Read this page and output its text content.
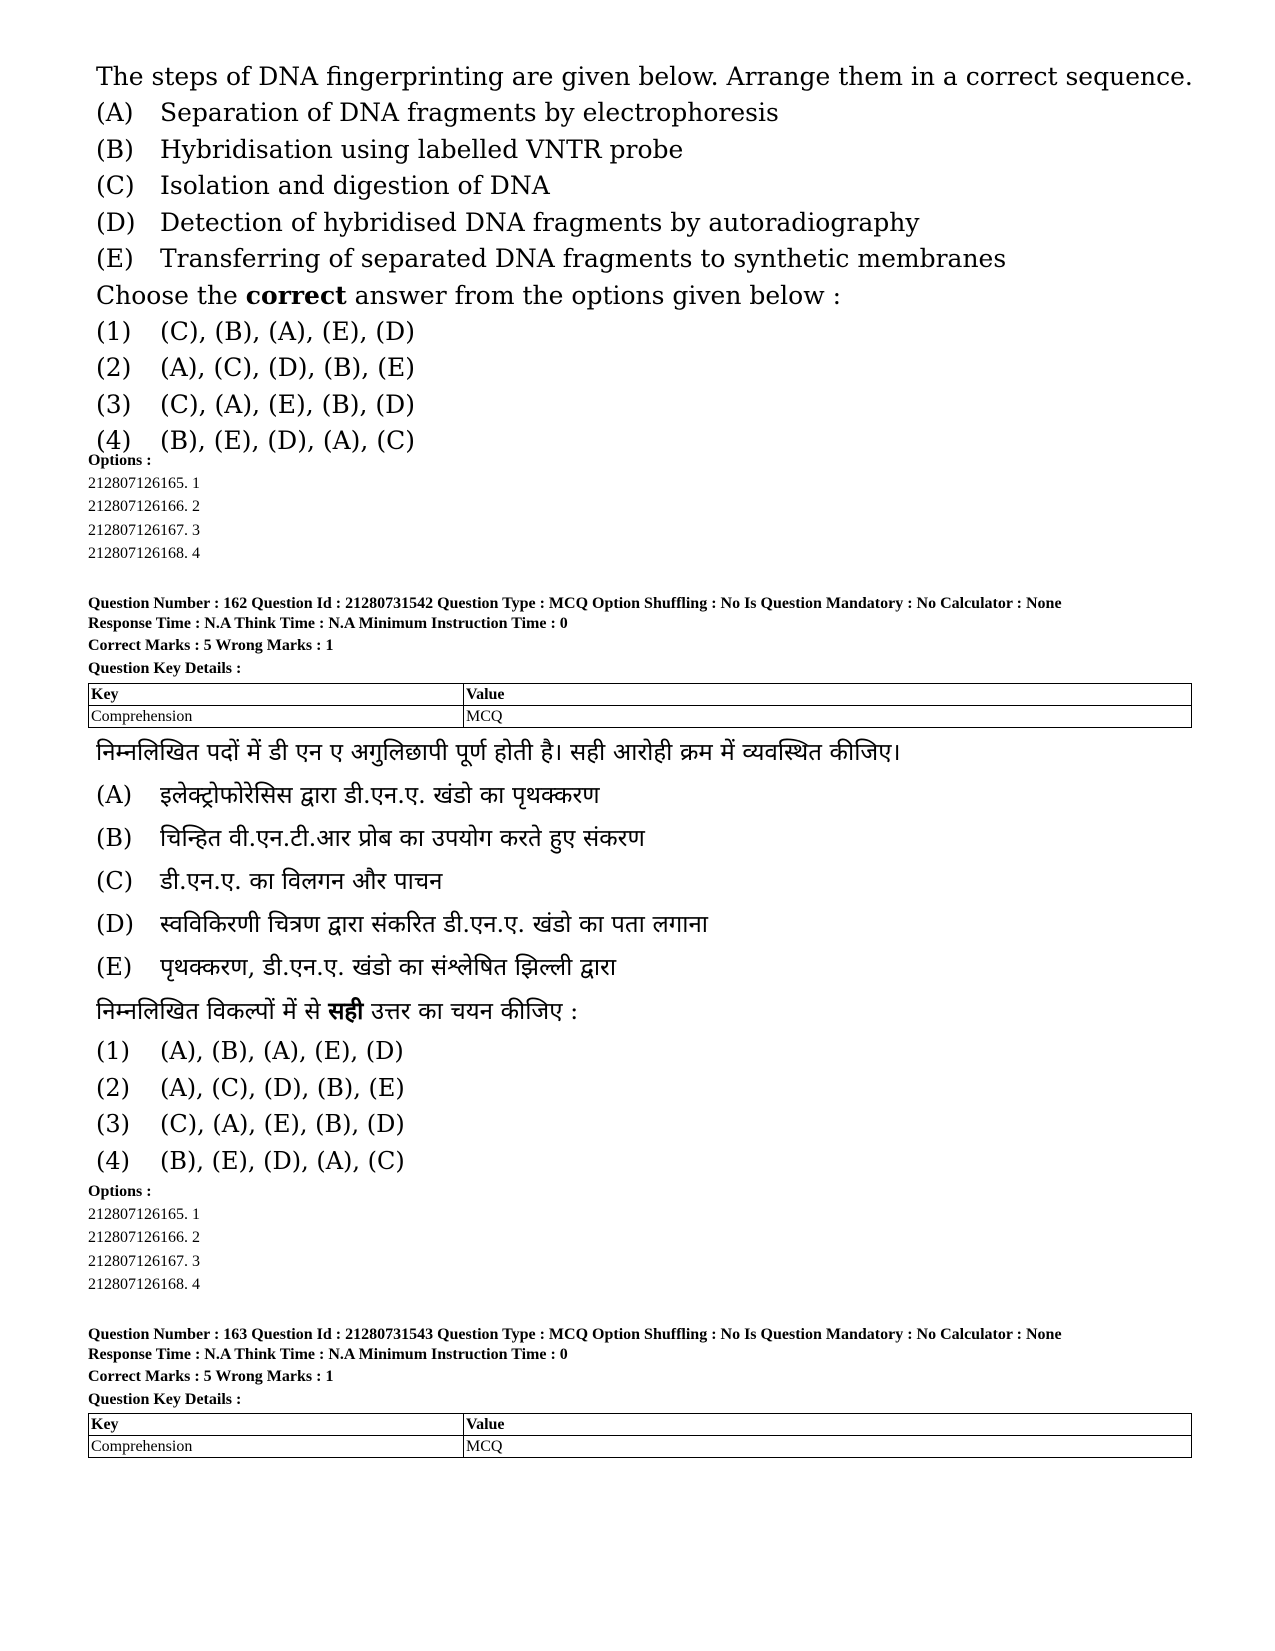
The steps of DNA fingerprinting are given below. Arrange them in a correct sequence.
(A)	Separation of DNA fragments by electrophoresis
(B)	Hybridisation using labelled VNTR probe
(C)	Isolation and digestion of DNA
(D) Detection of hybridised DNA fragments by autoradiography
(E)	Transferring of separated DNA fragments to synthetic membranes
Choose the correct answer from the options given below :
(1)	(C), (B), (A), (E), (D)
(2)	(A), (C), (D), (B), (E)
(3)	(C), (A), (E), (B), (D)
(4)	(B), (E), (D), (A), (C)
Options :
212807126165. 1
212807126166. 2
212807126167. 3
212807126168. 4
Question Number : 162 Question Id : 21280731542 Question Type : MCQ Option Shuffling : No Is Question Mandatory : No Calculator : None
Response Time : N.A Think Time : N.A Minimum Instruction Time : 0
Correct Marks : 5 Wrong Marks : 1
Question Key Details :
Key	Value
Comprehension	MCQ
निम्नलिखित पदों में डी एन ए अगुलिछापी पूर्ण होती है। सही आरोही क्रम में व्यवस्थित कीजिए।
(A)	इलेक्ट्रोफोरेसिस द्वारा डी.एन.ए. खंडो का पृथक्करण
(B)	चिन्हित वी.एन.टी.आर प्रोब का उपयोग करते हुए संकरण
(C)	डी.एन.ए. का विलगन और पाचन
(D)	स्वविकिरणी चित्रण द्वारा संकरित डी.एन.ए. खंडो का पता लगाना
(E)	पृथक्करण, डी.एन.ए. खंडो का संश्लेषित झिल्ली द्वारा
निम्नलिखित विकल्पों में से सही उत्तर का चयन कीजिए :
(1)	(A), (B), (A), (E), (D)
(2)	(A), (C), (D), (B), (E)
(3)	(C), (A), (E), (B), (D)
(4)	(B), (E), (D), (A), (C)
Options :
212807126165. 1
212807126166. 2
212807126167. 3
212807126168. 4
Question Number : 163 Question Id : 21280731543 Question Type : MCQ Option Shuffling : No Is Question Mandatory : No Calculator : None
Response Time : N.A Think Time : N.A Minimum Instruction Time : 0
Correct Marks : 5 Wrong Marks : 1
Question Key Details :
Key	Value
Comprehension	MCQ
